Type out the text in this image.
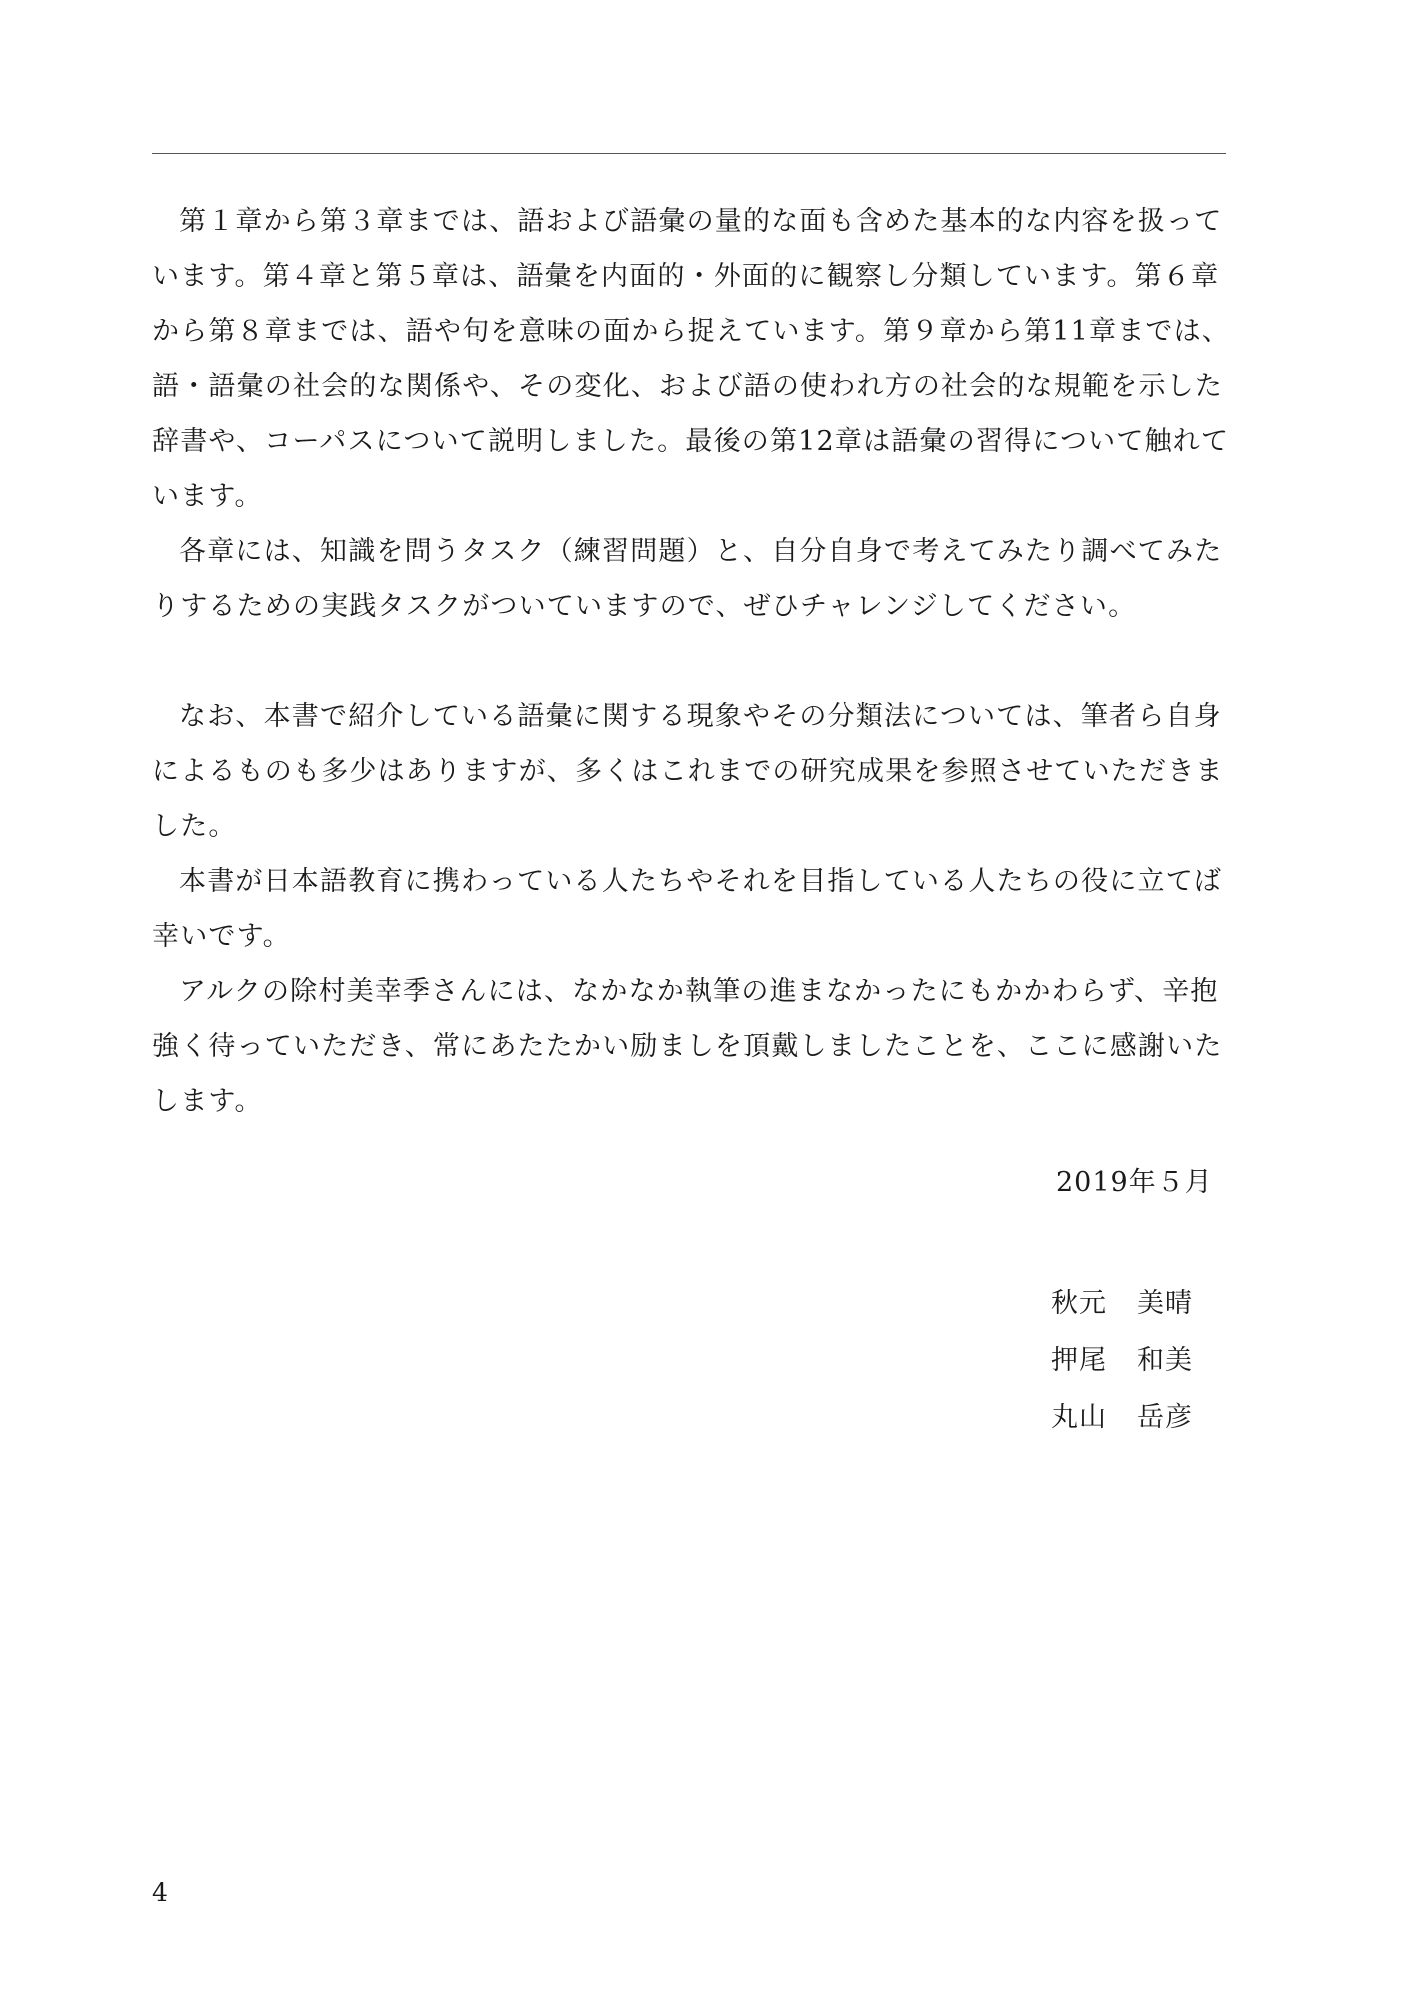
第１章から第３章までは、語および語彙の量的な面も含めた基本的な内容を扱っています。第４章と第５章は、語彙を内面的・外面的に観察し分類しています。第６章から第８章までは、語や句を意味の面から捉えています。第９章から第11章までは、語・語彙の社会的な関係や、その変化、および語の使われ方の社会的な規範を示した辞書や、コーパスについて説明しました。最後の第12章は語彙の習得について触れています。

各章には、知識を問うタスク（練習問題）と、自分自身で考えてみたり調べてみたりするための実践タスクがついていますので、ぜひチャレンジしてください。

なお、本書で紹介している語彙に関する現象やその分類法については、筆者ら自身によるものも多少はありますが、多くはこれまでの研究成果を参照させていただきました。

本書が日本語教育に携わっている人たちやそれを目指している人たちの役に立てば幸いです。

アルクの除村美幸季さんには、なかなか執筆の進まなかったにもかかわらず、辛抱強く待っていただき、常にあたたかい励ましを頂戴しましたことを、ここに感謝いたします。

2019年５月
秋元 美晴
押尾 和美
丸山 岳彦
4
